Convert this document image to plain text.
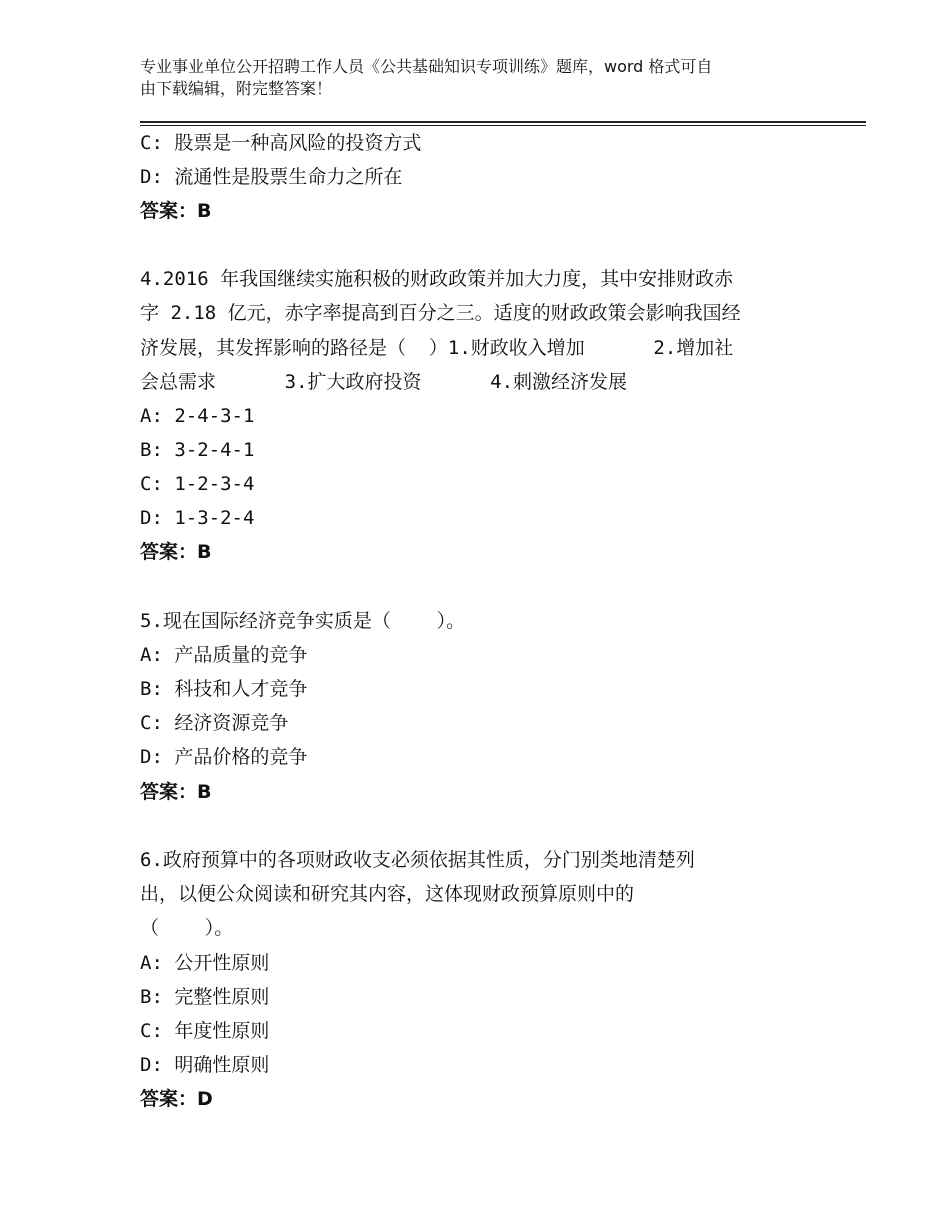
专业事业单位公开招聘工作人员《公共基础知识专项训练》题库，word 格式可自
由下载编辑，附完整答案！
C: 股票是一种高风险的投资方式
D: 流通性是股票生命力之所在
答案：B
4.2016 年我国继续实施积极的财政政策并加大力度，其中安排财政赤
字 2.18 亿元，赤字率提高到百分之三。适度的财政政策会影响我国经
济发展，其发挥影响的路径是（  ）1.财政收入增加      2.增加社
会总需求      3.扩大政府投资      4.刺激经济发展
A: 2-4-3-1
B: 3-2-4-1
C: 1-2-3-4
D: 1-3-2-4
答案：B
5.现在国际经济竞争实质是（    ）。
A: 产品质量的竞争
B: 科技和人才竞争
C: 经济资源竞争
D: 产品价格的竞争
答案：B
6.政府预算中的各项财政收支必须依据其性质，分门别类地清楚列
出，以便公众阅读和研究其内容，这体现财政预算原则中的
（    ）。
A: 公开性原则
B: 完整性原则
C: 年度性原则
D: 明确性原则
答案：D
